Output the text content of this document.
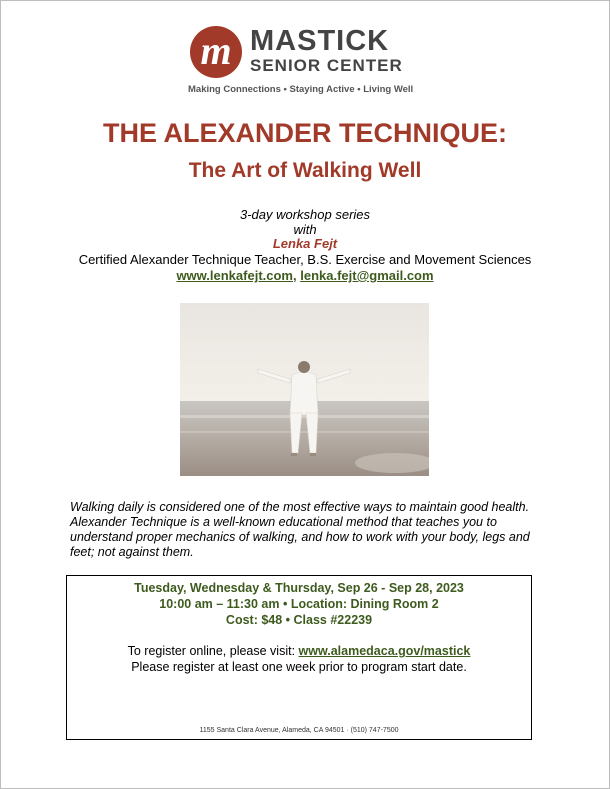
m MASTICK
SENIOR CENTER
Making Connections • Staying Active • Living Well
THE ALEXANDER TECHNIQUE:
The Art of Walking Well
3-day workshop series
with
Lenka Fejt
Certified Alexander Technique Teacher, B.S. Exercise and Movement Sciences
www.lenkafejt.com, lenka.fejt@gmail.com
Walking daily is considered one of the most effective ways to maintain good health. Alexander Technique is a well-known educational method that teaches you to understand proper mechanics of walking, and how to work with your body, legs and feet; not against them.
Tuesday, Wednesday & Thursday, Sep 26 - Sep 28, 2023
10:00 am – 11:30 am • Location: Dining Room 2
Cost: $48 • Class #22239
To register online, please visit: www.alamedaca.gov/mastick
Please register at least one week prior to program start date.
1155 Santa Clara Avenue, Alameda, CA 94501 · (510) 747-7500
